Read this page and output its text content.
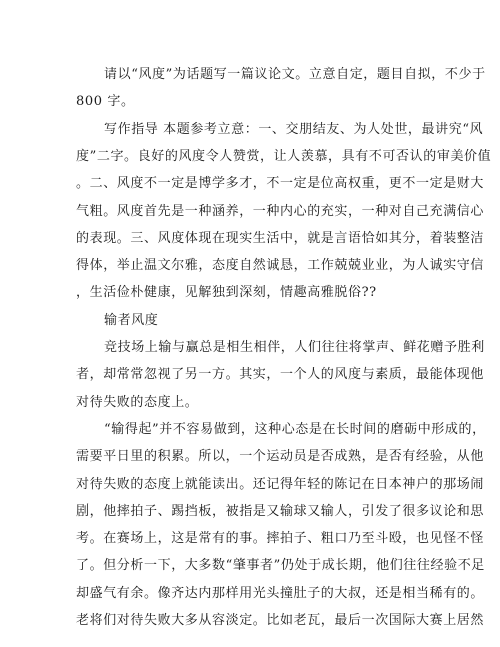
请以“风度”为话题写一篇议论文。立意自定，题目自拟，不少于
800 字。
写作指导 本题参考立意：一、交朋结友、为人处世，最讲究“风
度”二字。良好的风度令人赞赏，让人羡慕，具有不可否认的审美价值
。二、风度不一定是博学多才，不一定是位高权重，更不一定是财大
气粗。风度首先是一种涵养，一种内心的充实，一种对自己充满信心
的表现。三、风度体现在现实生活中，就是言语恰如其分，着装整洁
得体，举止温文尔雅，态度自然诚恳，工作兢兢业业，为人诚实守信
，生活俭朴健康，见解独到深刻，情趣高雅脱俗??
输者风度
竞技场上输与赢总是相生相伴，人们往往将掌声、鲜花赠予胜利
者，却常常忽视了另一方。其实，一个人的风度与素质，最能体现他
对待失败的态度上。
“输得起”并不容易做到，这种心态是在长时间的磨砺中形成的，
需要平日里的积累。所以，一个运动员是否成熟，是否有经验，从他
对待失败的态度上就能读出。还记得年轻的陈记在日本神户的那场闹
剧，他摔拍子、踢挡板，被指是又输球又输人，引发了很多议论和思
考。在赛场上，这是常有的事。摔拍子、粗口乃至斗殴，也见怪不怪
了。但分析一下，大多数“肇事者”仍处于成长期，他们往往经验不足
却盛气有余。像齐达内那样用光头撞肚子的大叔，还是相当稀有的。
老将们对待失败大多从容淡定。比如老瓦，最后一次国际大赛上居然
